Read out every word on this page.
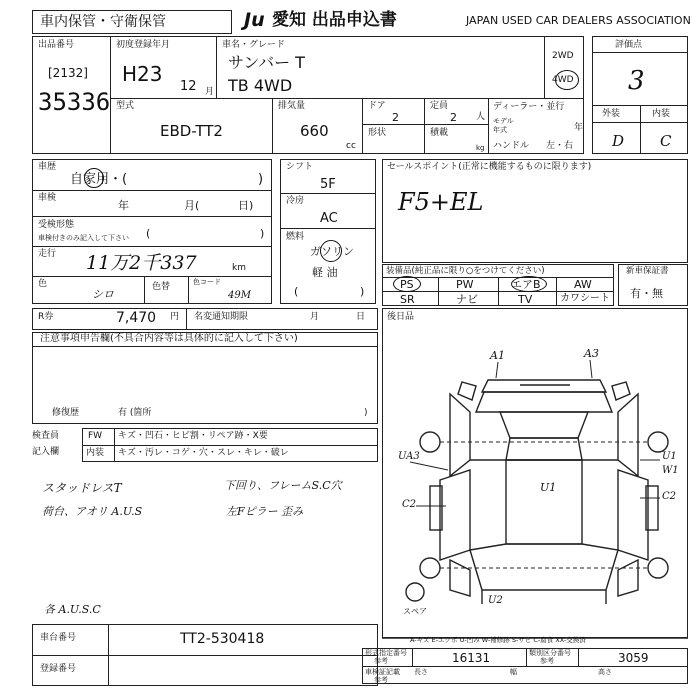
車内保管・守衛保管	Ju 愛知 出品申込書	JAPAN USED CAR DEALERS ASSOCIATION
出品番号
[2132]
35336
初度登録年月
H23
12 月
車名・グレード
サンバー T
TB 4WD
2WD
4WD
評価点
3
外装	内装
D C
型式
EBD-TT2
排気量
660
cc
ドア
2
形状
定員
2 人
積載
kg
ディーラー・並行
モデル
年式	年
ハンドル 左・右
車歴
自家用・(	)
車検
年	月(	日)
受検形態
車検付きのみ記入して下さい (	)
走行 11万2千337	km
色
シロ
色替	色コード
49M
シフト
5F
冷房
AC
燃料
ガソリン
軽 油
(	)
セールスポイント(正常に機能するものに限ります)
F5+EL
装備品(純正品に限り○をつけてください)
PS	PW	エアB	AW
SR	ナビ	TV	カワシート
新車保証書
有・無
R券	7,470 円 名変通知期限	月	日 後日品
注意事項申告欄(不具合内容等は具体的に記入して下さい)
修復歴	有 (箇所	)
検査員
記入欄
FW キズ・凹石・ヒビ割・リペア跡・X要
内装 キズ・汚レ・コゲ・穴・スレ・キレ・破レ
スタッドレスT	下回り、フレームS.C穴
荷台、アオリ A.U.S	左Fピラー 歪み
各 A.U.S.C
A1	A3
UA3
U1
U1
W1
C2
C2
U2
スペア
A-キズ E-エクボ U-凹み W-補修跡 S-サビ C-腐食 XX-交換済
車台番号	TT2-530418
登録番号
形式指定番号
参考	16131	類別区分番号
参考	3059
車検証記載 長さ	幅	高さ
参考
